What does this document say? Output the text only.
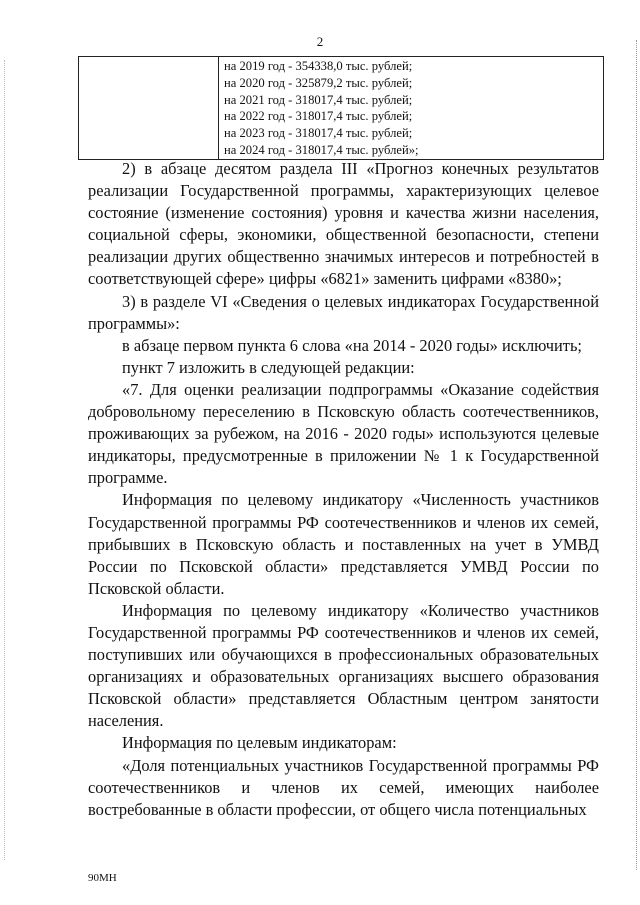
2

на 2019 год - 354338,0 тыс. рублей;
на 2020 год - 325879,2 тыс. рублей;
на 2021 год - 318017,4 тыс. рублей;
на 2022 год - 318017,4 тыс. рублей;
на 2023 год - 318017,4 тыс. рублей;
на 2024 год - 318017,4 тыс. рублей»;

2) в абзаце десятом раздела III «Прогноз конечных результатов реализации Государственной программы, характеризующих целевое состояние (изменение состояния) уровня и качества жизни населения, социальной сферы, экономики, общественной безопасности, степени реализации других общественно значимых интересов и потребностей в соответствующей сфере» цифры «6821» заменить цифрами «8380»;

3) в разделе VI «Сведения о целевых индикаторах Государственной программы»:

в абзаце первом пункта 6 слова «на 2014 - 2020 годы» исключить;

пункт 7 изложить в следующей редакции:

«7. Для оценки реализации подпрограммы «Оказание содействия добровольному переселению в Псковскую область соотечественников, проживающих за рубежом, на 2016 - 2020 годы» используются целевые индикаторы, предусмотренные в приложении № 1 к Государственной программе.

Информация по целевому индикатору «Численность участников Государственной программы РФ соотечественников и членов их семей, прибывших в Псковскую область и поставленных на учет в УМВД России по Псковской области» представляется УМВД России по Псковской области.

Информация по целевому индикатору «Количество участников Государственной программы РФ соотечественников и членов их семей, поступивших или обучающихся в профессиональных образовательных организациях и образовательных организациях высшего образования Псковской области» представляется Областным центром занятости населения.

Информация по целевым индикаторам:

«Доля потенциальных участников Государственной программы РФ соотечественников и членов их семей, имеющих наиболее востребованные в области профессии, от общего числа потенциальных

90МН
